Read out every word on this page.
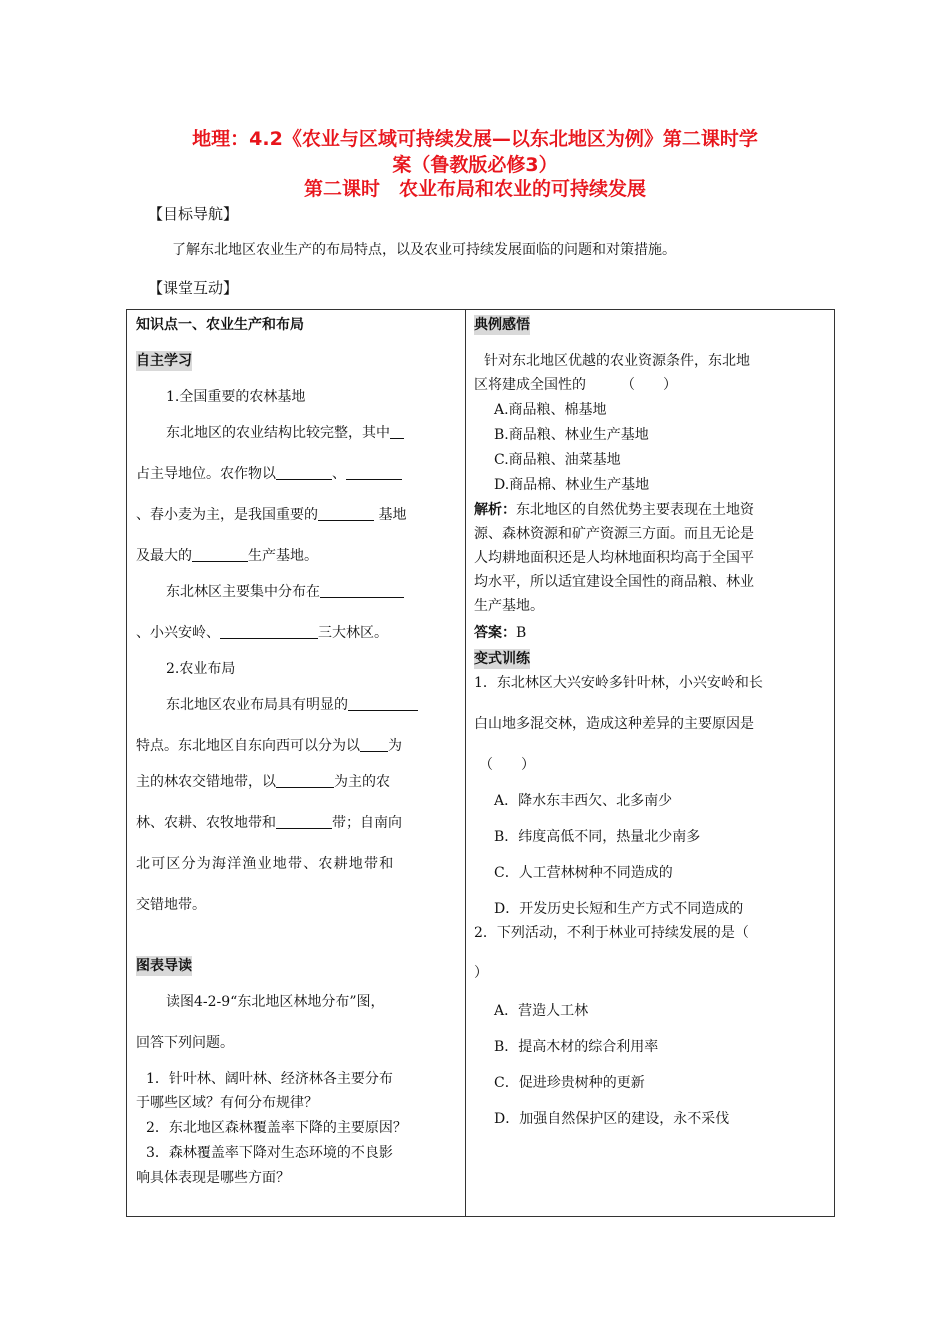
地理：4.2《农业与区域可持续发展—以东北地区为例》第二课时学
案（鲁教版必修3）
第二课时　农业布局和农业的可持续发展
【目标导航】
了解东北地区农业生产的布局特点，以及农业可持续发展面临的问题和对策措施。
【课堂互动】
知识点一、农业生产和布局
自主学习
1.全国重要的农林基地
东北地区的农业结构比较完整，其中
占主导地位。农作物以	、
、春小麦为主，是我国重要的	基地
及最大的	生产基地。
东北林区主要集中分布在
、小兴安岭、	三大林区。
2.农业布局
东北地区农业布局具有明显的
特点。东北地区自东向西可以分为以 为
主的林农交错地带，以	为主的农
林、农耕、农牧地带和	带；自南向
北可区分为海洋渔业地带、农耕地带和
交错地带。
图表导读
读图4-2-9“东北地区林地分布”图，
回答下列问题。
1．针叶林、阔叶林、经济林各主要分布
于哪些区域？有何分布规律？
2．东北地区森林覆盖率下降的主要原因？
3．森林覆盖率下降对生态环境的不良影
响具体表现是哪些方面？
典例感悟
针对东北地区优越的农业资源条件，东北地
区将建成全国性的　　　（　　）
A.商品粮、棉基地
B.商品粮、林业生产基地
C.商品粮、油菜基地
D.商品棉、林业生产基地
解析：东北地区的自然优势主要表现在土地资
源、森林资源和矿产资源三方面。而且无论是
人均耕地面积还是人均林地面积均高于全国平
均水平，所以适宜建设全国性的商品粮、林业
生产基地。
答案：B
变式训练
1．东北林区大兴安岭多针叶林，小兴安岭和长
白山地多混交林，造成这种差异的主要原因是
（　　）
A．降水东丰西欠、北多南少
B．纬度高低不同，热量北少南多
C．人工营林树种不同造成的
D．开发历史长短和生产方式不同造成的
2．下列活动，不利于林业可持续发展的是（
）
A．营造人工林
B．提高木材的综合利用率
C．促进珍贵树种的更新
D．加强自然保护区的建设，永不采伐
